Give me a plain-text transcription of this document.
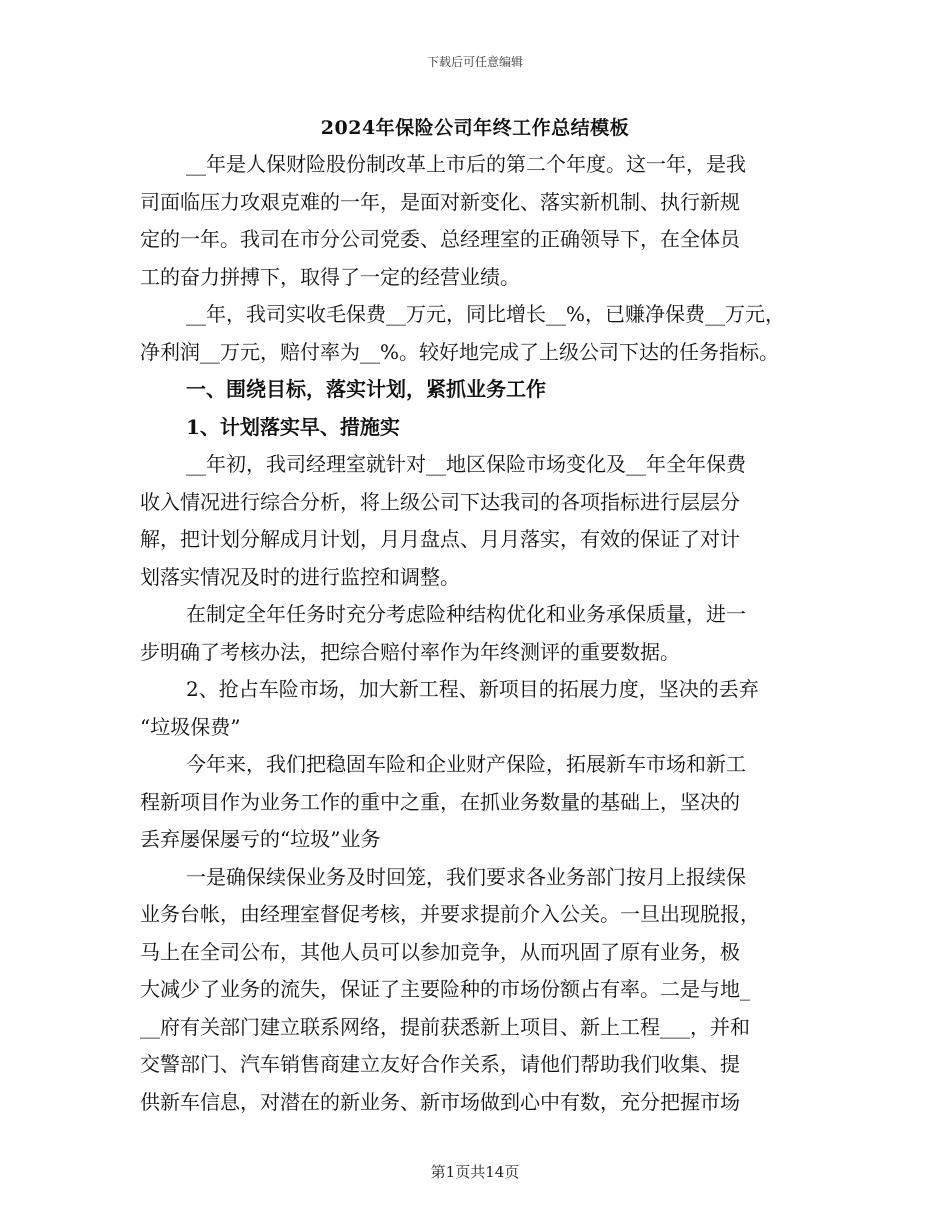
下载后可任意编辑
2024年保险公司年终工作总结模板
__年是人保财险股份制改革上市后的第二个年度。这一年，是我
司面临压力攻艰克难的一年，是面对新变化、落实新机制、执行新规
定的一年。我司在市分公司党委、总经理室的正确领导下，在全体员
工的奋力拼搏下，取得了一定的经营业绩。
__年，我司实收毛保费__万元，同比增长__%，已赚净保费__万元，
净利润__万元，赔付率为__%。较好地完成了上级公司下达的任务指标。
一、围绕目标，落实计划，紧抓业务工作
1、计划落实早、措施实
__年初，我司经理室就针对__地区保险市场变化及__年全年保费
收入情况进行综合分析，将上级公司下达我司的各项指标进行层层分
解，把计划分解成月计划，月月盘点、月月落实，有效的保证了对计
划落实情况及时的进行监控和调整。
在制定全年任务时充分考虑险种结构优化和业务承保质量，进一
步明确了考核办法，把综合赔付率作为年终测评的重要数据。
2、抢占车险市场，加大新工程、新项目的拓展力度，坚决的丢弃
“垃圾保费”
今年来，我们把稳固车险和企业财产保险，拓展新车市场和新工
程新项目作为业务工作的重中之重，在抓业务数量的基础上，坚决的
丢弃屡保屡亏的“垃圾”业务
一是确保续保业务及时回笼，我们要求各业务部门按月上报续保
业务台帐，由经理室督促考核，并要求提前介入公关。一旦出现脱报，
马上在全司公布，其他人员可以参加竞争，从而巩固了原有业务，极
大减少了业务的流失，保证了主要险种的市场份额占有率。二是与地_
__府有关部门建立联系网络，提前获悉新上项目、新上工程___，并和
交警部门、汽车销售商建立友好合作关系，请他们帮助我们收集、提
供新车信息，对潜在的新业务、新市场做到心中有数，充分把握市场
第1页共14页
